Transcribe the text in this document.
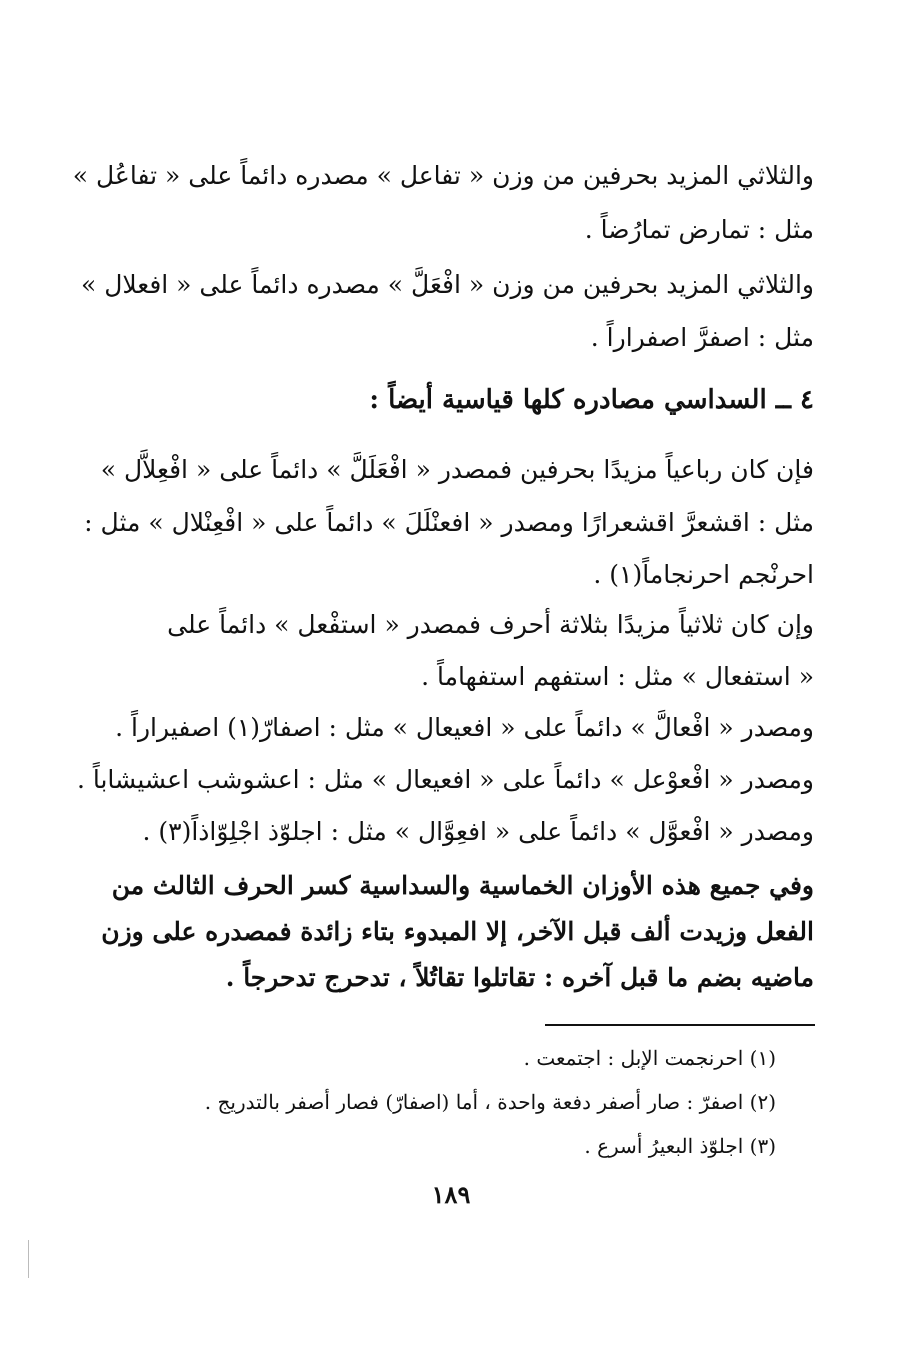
والثلاثي المزيد بحرفين من وزن « تفاعل » مصدره دائماً على « تفاعُل »
مثل : تمارض تمارُضاً .
والثلاثي المزيد بحرفين من وزن « افْعَلَّ » مصدره دائماً على « افعلال »
مثل : اصفرَّ اصفراراً .
٤ ــ السداسي مصادره كلها قياسية أيضاً :
فإن كان رباعياً مزيدًا بحرفين فمصدر « افْعَلَلَّ » دائماً على « افْعِلاَّل »
مثل : اقشعرَّ اقشعرارًا ومصدر « افعنْلَلَ » دائماً على « افْعِنْلال » مثل :
احرنْجم احرنجاماً(١) .
وإن كان ثلاثياً مزيدًا بثلاثة أحرف فمصدر « استفْعل » دائماً على
« استفعال » مثل : استفهم استفهاماً .
ومصدر « افْعالَّ » دائماً على « افعيعال » مثل : اصفارّ(١) اصفيراراً .
ومصدر « افْعوْعل » دائماً على « افعيعال » مثل : اعشوشب اعشيشاباً .
ومصدر « افْعوَّل » دائماً على « افعِوَّال » مثل : اجلوّذ اجْلِوّاذاً(٣) .
وفي جميع هذه الأوزان الخماسية والسداسية كسر الحرف الثالث من
الفعل وزيدت ألف قبل الآخر، إلا المبدوء بتاء زائدة فمصدره على وزن
ماضيه بضم ما قبل آخره : تقاتلوا تقاتُلاً ، تدحرج تدحرجاً .
(١) احرنجمت الإبل : اجتمعت .
(٢) اصفرّ : صار أصفر دفعة واحدة ، أما (اصفارّ) فصار أصفر بالتدريج .
(٣) اجلوّذ البعيرُ أسرع .
١٨٩
